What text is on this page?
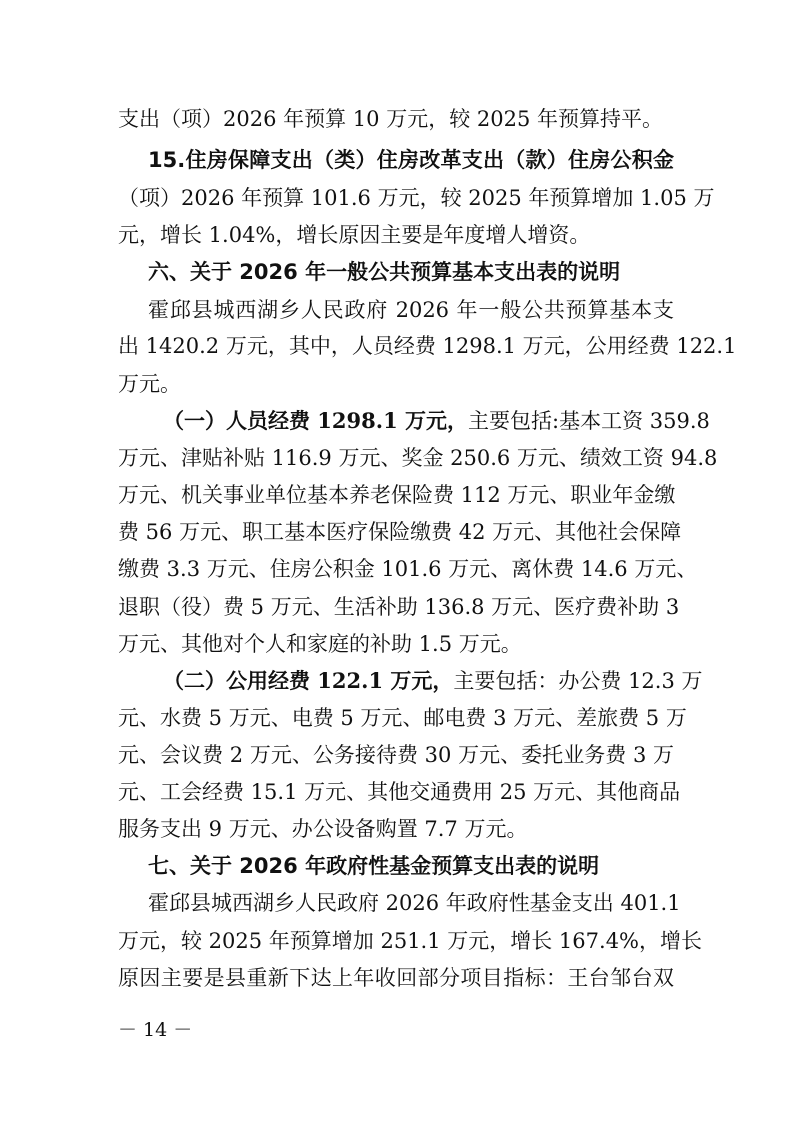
支出（项）2026 年预算 10 万元，较 2025 年预算持平。
15.住房保障支出（类）住房改革支出（款）住房公积金
（项）2026 年预算 101.6 万元，较 2025 年预算增加 1.05 万
元，增长 1.04%，增长原因主要是年度增人增资。
六、关于 2026 年一般公共预算基本支出表的说明
霍邱县城西湖乡人民政府 2026 年一般公共预算基本支
出 1420.2 万元，其中，人员经费 1298.1 万元，公用经费 122.1
万元。
（一）人员经费 1298.1 万元， 主要包括:基本工资 359.8
万元、津贴补贴 116.9 万元、奖金 250.6 万元、绩效工资 94.8
万元、机关事业单位基本养老保险费 112 万元、职业年金缴
费 56 万元、职工基本医疗保险缴费 42 万元、其他社会保障
缴费 3.3 万元、住房公积金 101.6 万元、离休费 14.6 万元、
退职（役）费 5 万元、生活补助 136.8 万元、医疗费补助 3
万元、其他对个人和家庭的补助 1.5 万元。
（二）公用经费 122.1 万元， 主要包括：办公费 12.3 万
元、水费 5 万元、电费 5 万元、邮电费 3 万元、差旅费 5 万
元、会议费 2 万元、公务接待费 30 万元、委托业务费 3 万
元、工会经费 15.1 万元、其他交通费用 25 万元、其他商品
服务支出 9 万元、办公设备购置 7.7 万元。
七、关于 2026 年政府性基金预算支出表的说明
霍邱县城西湖乡人民政府 2026 年政府性基金支出 401.1
万元，较 2025 年预算增加 251.1 万元，增长 167.4%，增长
原因主要是县重新下达上年收回部分项目指标：王台邹台双
－ 14 －
